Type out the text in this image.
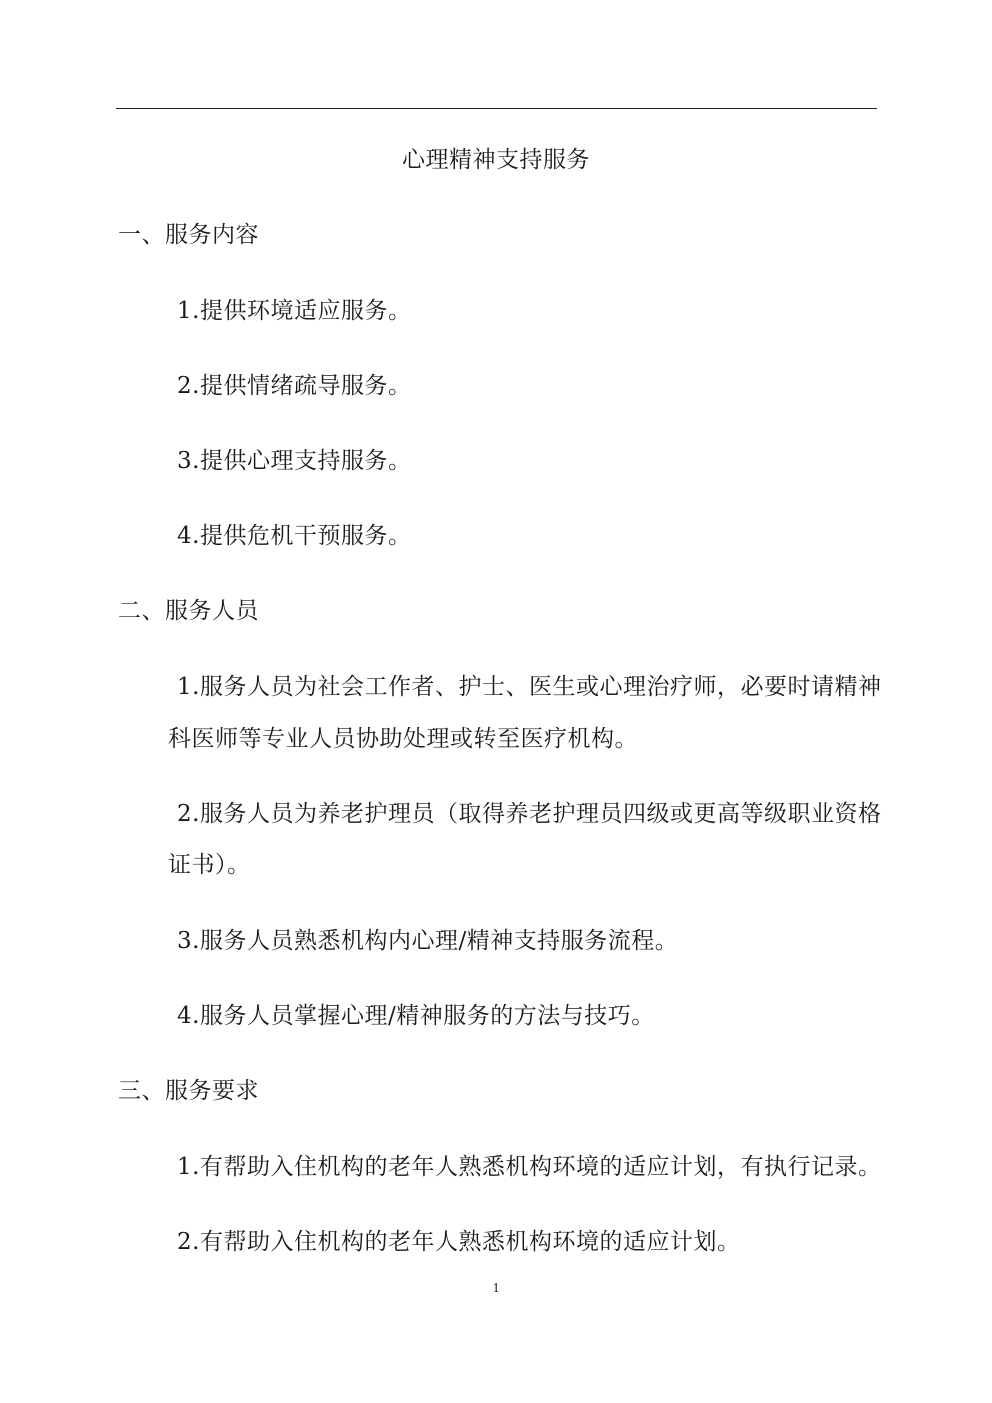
心理精神支持服务
一、服务内容
1.提供环境适应服务。
2.提供情绪疏导服务。
3.提供心理支持服务。
4.提供危机干预服务。
二、服务人员
1.服务人员为社会工作者、护士、医生或心理治疗师，必要时请精神
科医师等专业人员协助处理或转至医疗机构。
2.服务人员为养老护理员（取得养老护理员四级或更高等级职业资格
证书）。
3.服务人员熟悉机构内心理/精神支持服务流程。
4.服务人员掌握心理/精神服务的方法与技巧。
三、服务要求
1.有帮助入住机构的老年人熟悉机构环境的适应计划，有执行记录。
2.有帮助入住机构的老年人熟悉机构环境的适应计划。
1
